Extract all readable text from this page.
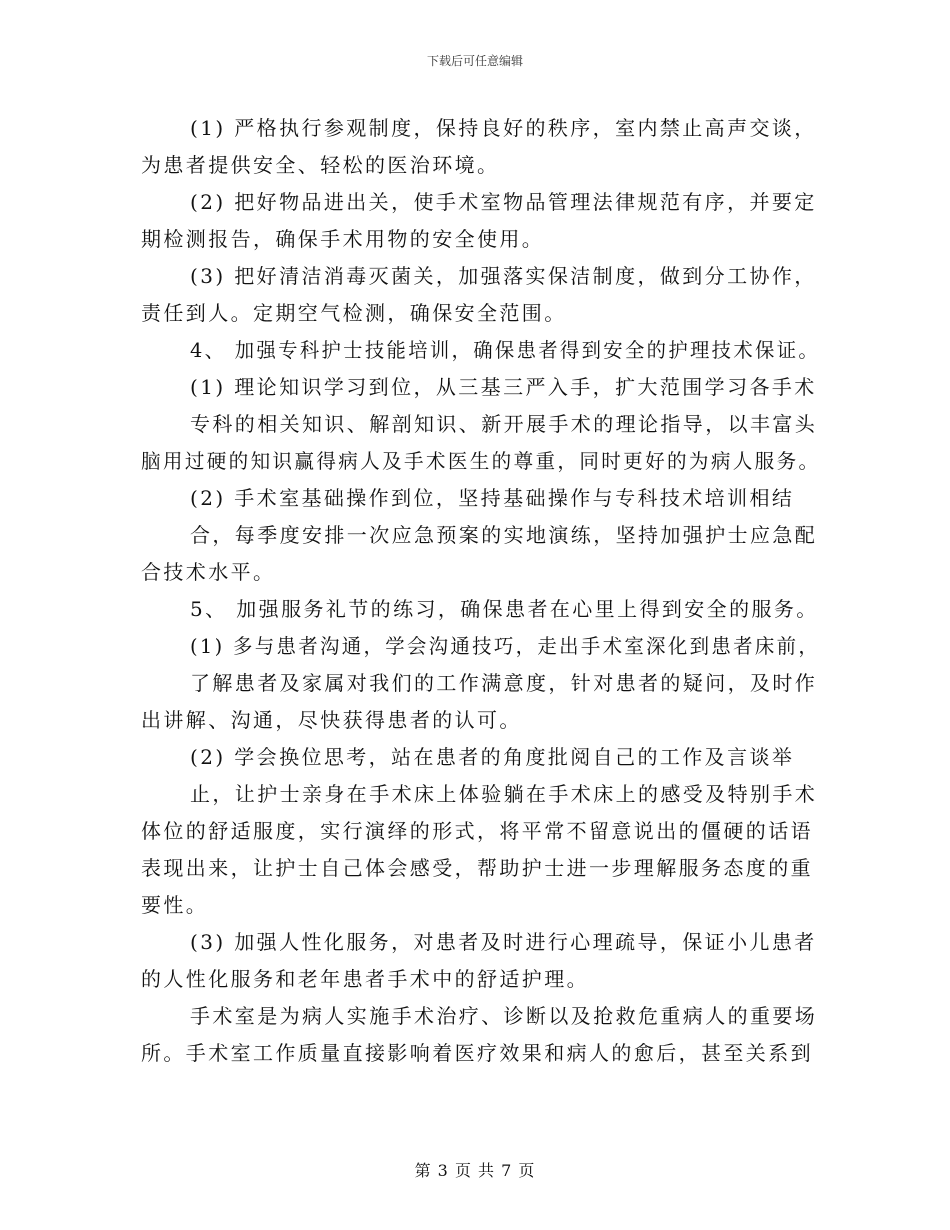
下载后可任意编辑
(1) 严格执行参观制度，保持良好的秩序，室内禁止高声交谈，
为患者提供安全、轻松的医治环境。
(2) 把好物品进出关，使手术室物品管理法律规范有序，并要定
期检测报告，确保手术用物的安全使用。
(3) 把好清洁消毒灭菌关，加强落实保洁制度，做到分工协作，
责任到人。定期空气检测，确保安全范围。
4、 加强专科护士技能培训，确保患者得到安全的护理技术保证。
(1) 理论知识学习到位，从三基三严入手，扩大范围学习各手术
专科的相关知识、解剖知识、新开展手术的理论指导，以丰富头
脑用过硬的知识赢得病人及手术医生的尊重，同时更好的为病人服务。
(2) 手术室基础操作到位，坚持基础操作与专科技术培训相结
合，每季度安排一次应急预案的实地演练，坚持加强护士应急配
合技术水平。
5、 加强服务礼节的练习，确保患者在心里上得到安全的服务。
(1) 多与患者沟通，学会沟通技巧，走出手术室深化到患者床前，
了解患者及家属对我们的工作满意度，针对患者的疑问，及时作
出讲解、沟通，尽快获得患者的认可。
(2) 学会换位思考，站在患者的角度批阅自己的工作及言谈举
止，让护士亲身在手术床上体验躺在手术床上的感受及特别手术
体位的舒适服度，实行演绎的形式，将平常不留意说出的僵硬的话语
表现出来，让护士自己体会感受，帮助护士进一步理解服务态度的重
要性。
(3) 加强人性化服务，对患者及时进行心理疏导，保证小儿患者
的人性化服务和老年患者手术中的舒适护理。
手术室是为病人实施手术治疗、诊断以及抢救危重病人的重要场
所。手术室工作质量直接影响着医疗效果和病人的愈后，甚至关系到
第 3 页 共 7 页
